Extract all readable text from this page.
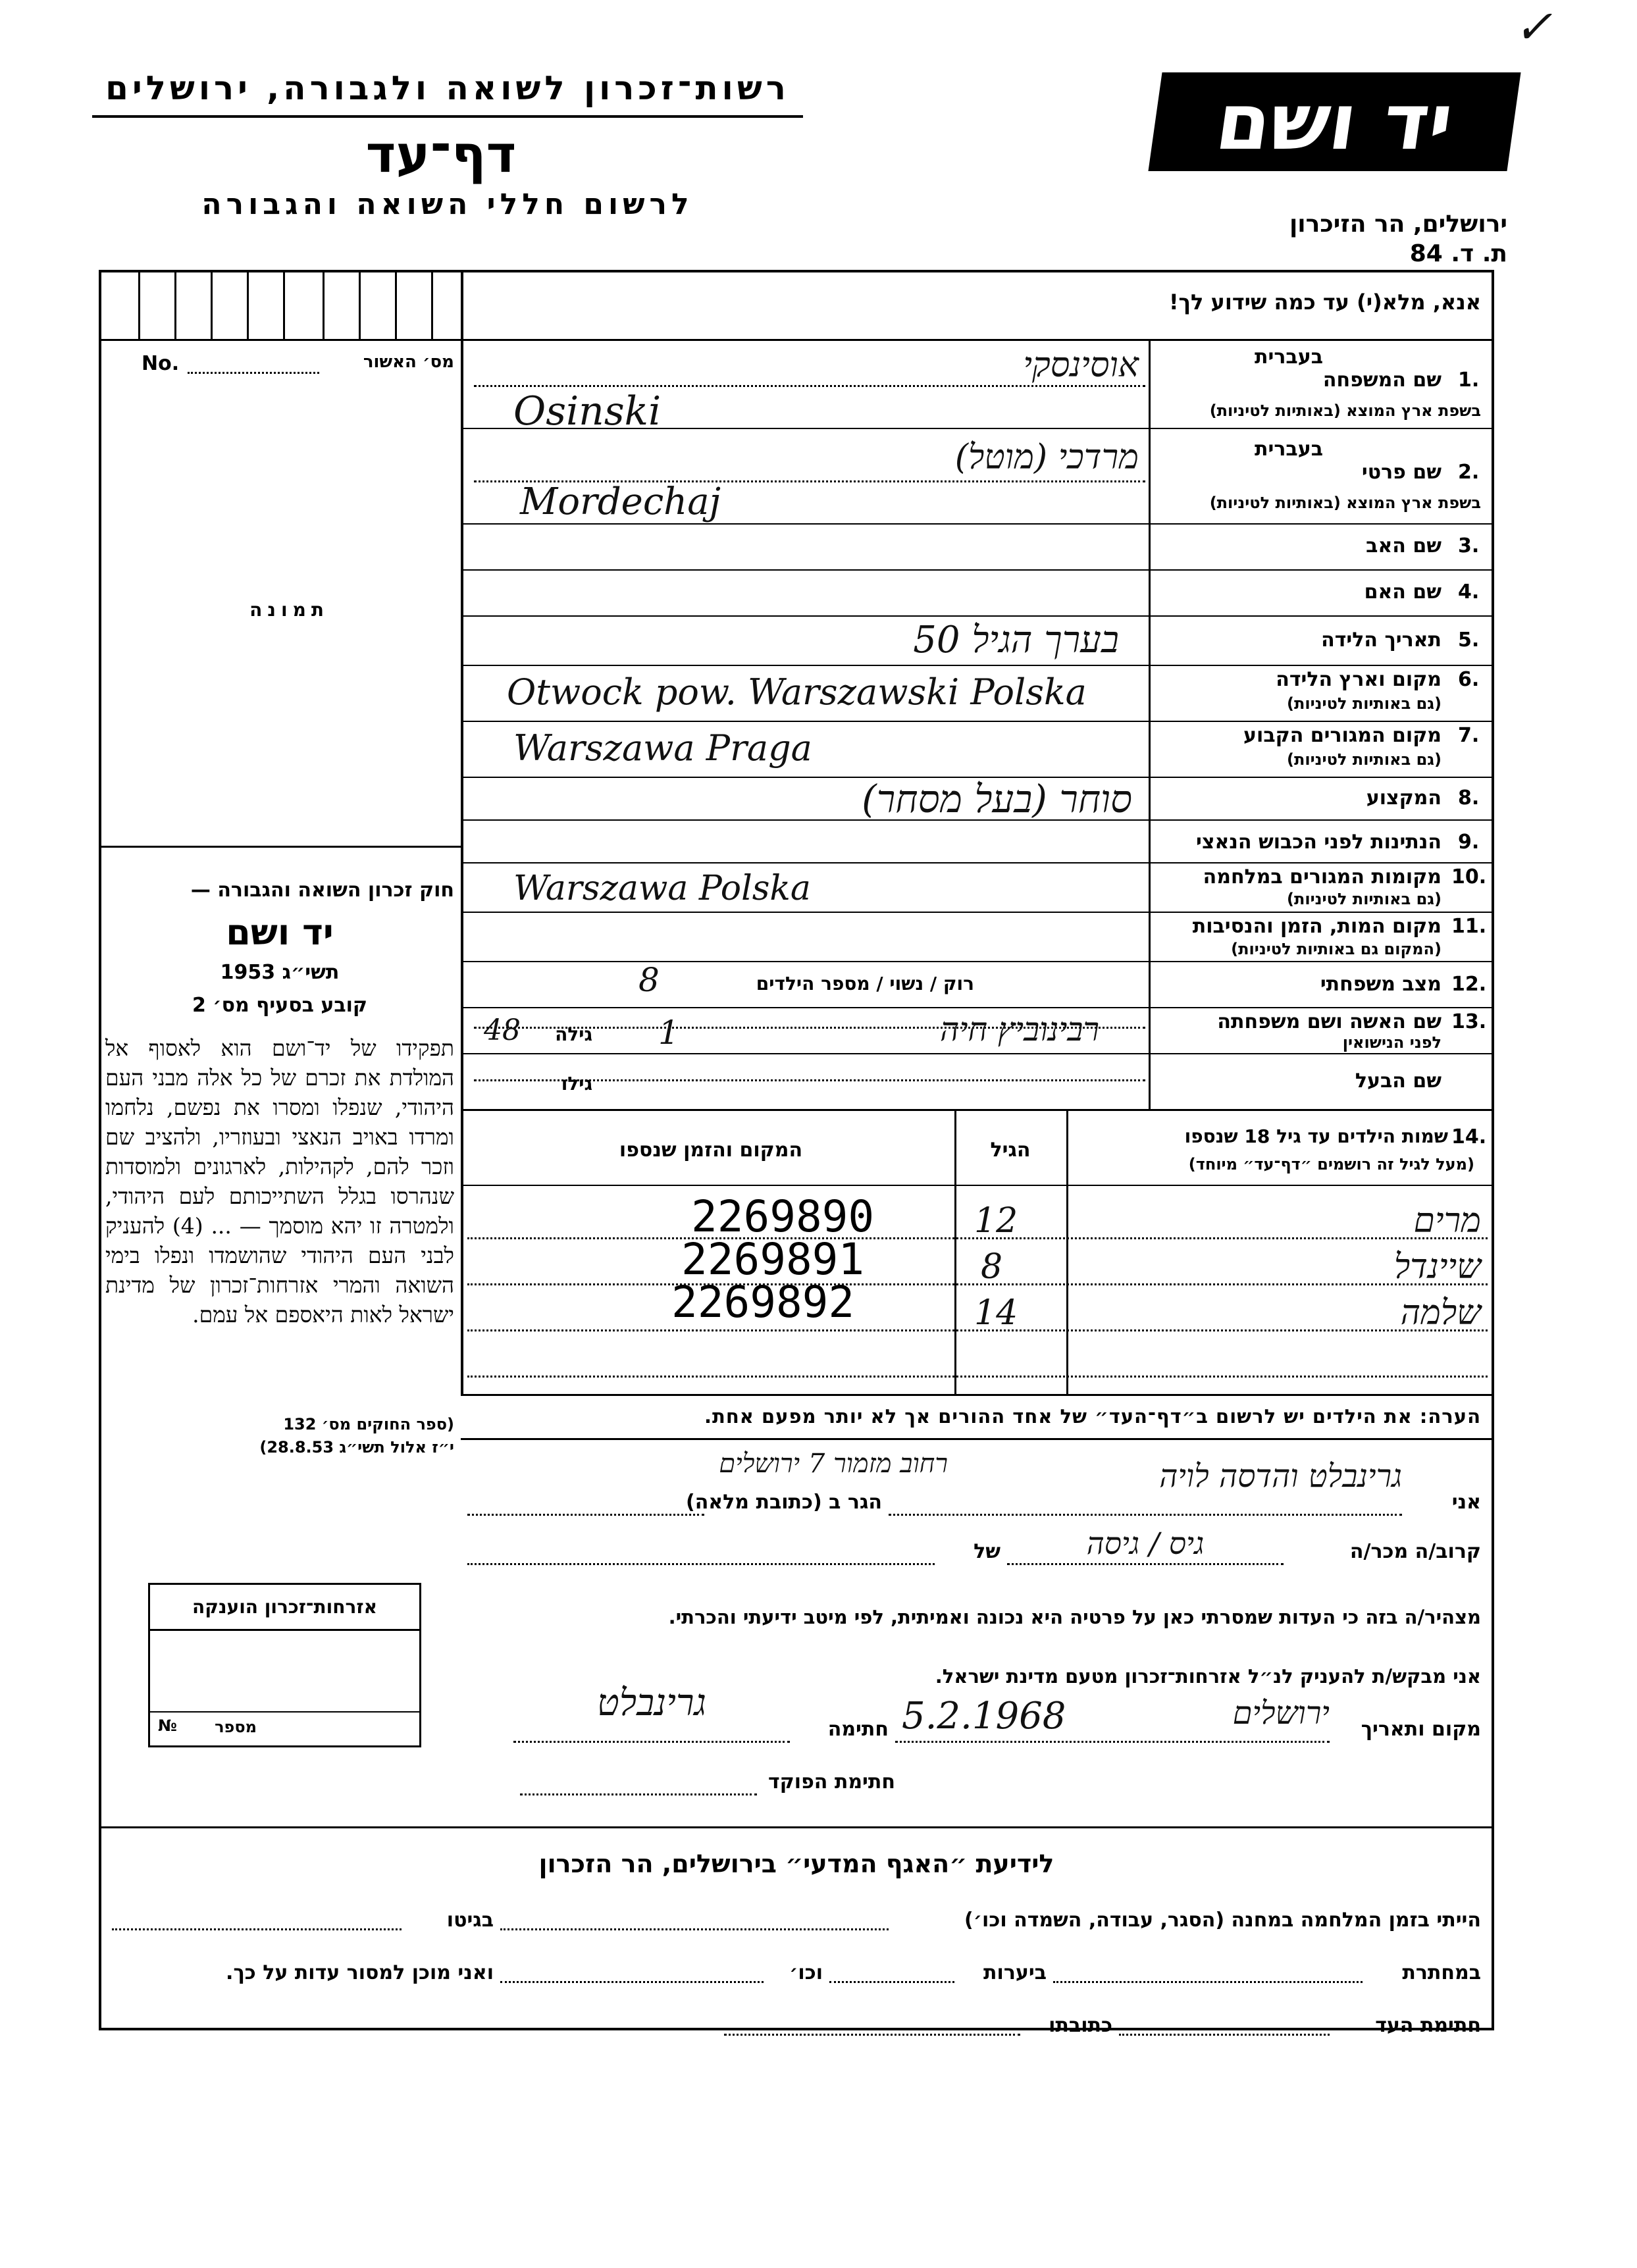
✓
רשות־זכרון לשואה ולגבורה, ירושלים
דף־עד
לרשום חללי השואה והגבורה
יד ושם
ירושלים, הר הזיכרון
ת. ד. 84
אנא, מלא(י) עד כמה שידוע לך!
No.	מס׳ האשור
תמונה
בעברית
שם המשפחה 1.
בשפת ארץ המוצא (באותיות לטיניות)
בעברית
שם פרטי 2.
בשפת ארץ המוצא (באותיות לטיניות)
שם האב 3.
שם האם 4.
תאריך הלידה 5.
מקום וארץ הלידה 6.
(גם באותיות לטיניות)
מקום המגורים הקבוע 7.
(גם באותיות לטיניות)
המקצוע 8.
הנתינות לפני הכבוש הנאצי 9.
מקומות המגורים במלחמה 10.
(גם באותיות לטיניות)
מקום המות, הזמן והנסיבות 11.
(המקום גם באותיות לטיניות)
מצב משפחתי 12.
שם האשה ושם משפחתה 13.
לפני הנישואין
שם הבעל
רוק / נשוי / מספר הילדים
גילה
גילו
אוסינסקי
Osinski
מרדכי (מוטל)
Mordechaj
בערך הגיל 50
Otwock pow. Warszawski Polska
Warszawa Praga
סוחר (בעל מסחר)
Warszawa Polska
8
רבינוביץ חיה
1
48
14.
שמות הילדים עד גיל 18 שנספו
(מעל לגיל זה רושמים ״דף־עד״ מיוחד)
הגיל
המקום והזמן שנספו
מרים
12
2269890
שיינדל
8
2269891
שלמה
14
2269892
חוק זכרון השואה והגבורה —
יד ושם
תשי״ג 1953
קובע בסעיף מס׳ 2
תפקידו של יד־ושם הוא לאסוף אל המולדת את זכרם של כל אלה מבני העם היהודי, שנפלו ומסרו את נפשם, נלחמו ומרדו באויב הנאצי ובעוזריו, ולהציב שם וזכר להם, לקהילות, לארגונים ולמוסדות שנהרסו בגלל השתייכותם לעם היהודי, ולמטרה זו יהא מוסמך — ... (4) להעניק לבני העם היהודי שהושמדו ונפלו בימי השואה והמרי אזרחות־זכרון של מדינת ישראל לאות היאספם אל עמם.
(ספר החוקים מס׳ 132
י״ז אלול תשי״ג 28.8.53)
הערה: את הילדים יש לרשום ב״דף־העד״ של אחד ההורים אך לא יותר מפעם אחת.
אני
גרינבלט והדסה לויה
הגר ב (כתובת מלאה)
רחוב מזמור 7 ירושלים
קרוב/ה מכר/ה
גיס / גיסה
של
מצהיר/ה בזה כי העדות שמסרתי כאן על פרטיה היא נכונה ואמיתית, לפי מיטב ידיעתי והכרתי.
אני מבקש/ת להעניק לנ״ל אזרחות־זכרון מטעם מדינת ישראל.
מקום ותאריך
ירושלים
5.2.1968
חתימה
גרינבלט
חתימת הפוקד
אזרחות־זכרון הוענקה
מספר
№
לידיעת ״האגף המדעי״ בירושלים, הר הזכרון
הייתי בזמן המלחמה במחנה (הסגר, עבודה, השמדה וכו׳)
בגיטו
במחתרת
ביערות
וכו׳
ואני מוכן למסור עדות על כך.
חתימת העד
כתובתו
